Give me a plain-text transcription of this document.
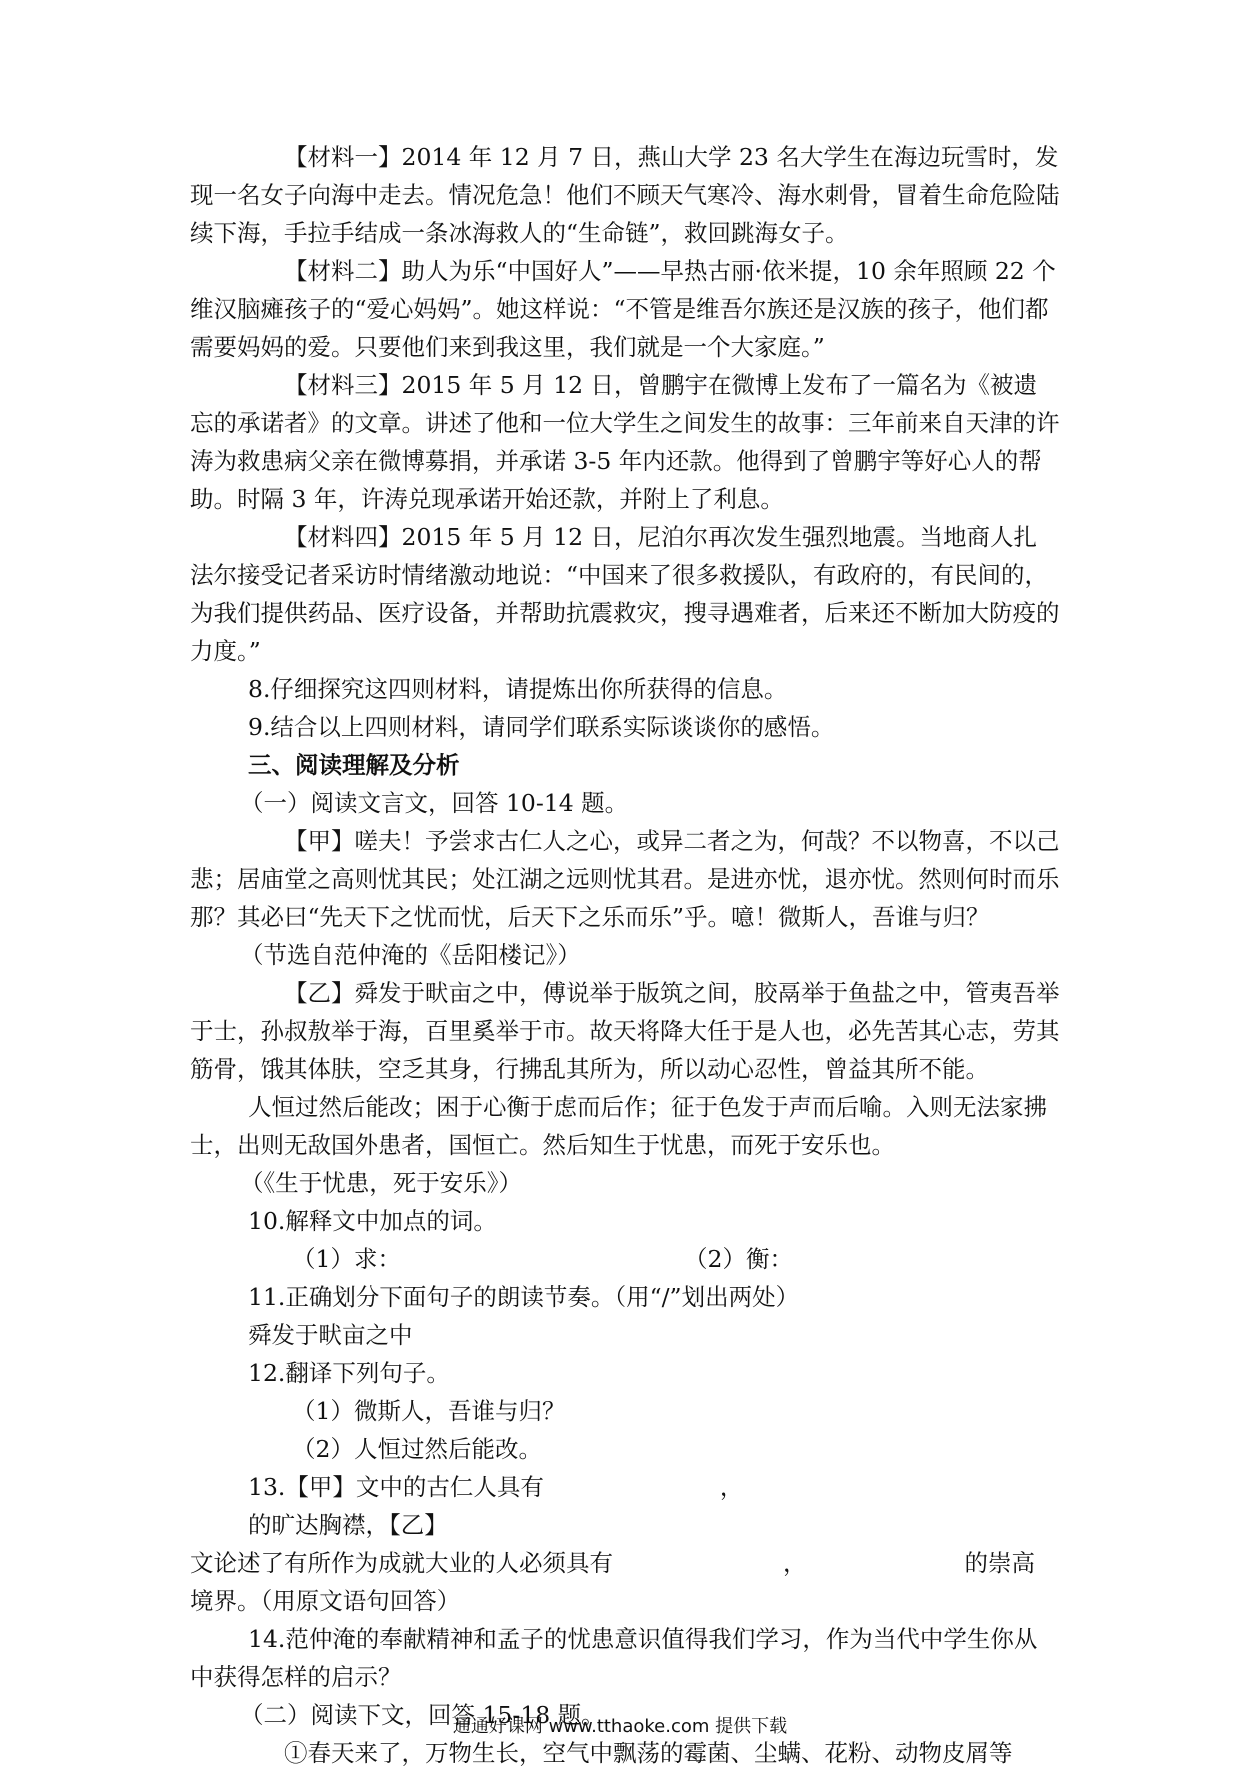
【材料一】2014 年 12 月 7 日，燕山大学 23 名大学生在海边玩雪时，发现一名女子向海中走去。情况危急！他们不顾天气寒冷、海水刺骨，冒着生命危险陆续下海，手拉手结成一条冰海救人的“生命链”，救回跳海女子。

【材料二】助人为乐“中国好人”——早热古丽·依米提，10 余年照顾 22 个维汉脑瘫孩子的“爱心妈妈”。她这样说：“不管是维吾尔族还是汉族的孩子，他们都需要妈妈的爱。只要他们来到我这里，我们就是一个大家庭。”

【材料三】2015 年 5 月 12 日，曾鹏宇在微博上发布了一篇名为《被遗忘的承诺者》的文章。讲述了他和一位大学生之间发生的故事：三年前来自天津的许涛为救患病父亲在微博募捐，并承诺 3-5 年内还款。他得到了曾鹏宇等好心人的帮助。时隔 3 年，许涛兑现承诺开始还款，并附上了利息。

【材料四】2015 年 5 月 12 日，尼泊尔再次发生强烈地震。当地商人扎法尔接受记者采访时情绪激动地说：“中国来了很多救援队，有政府的，有民间的，为我们提供药品、医疗设备，并帮助抗震救灾，搜寻遇难者，后来还不断加大防疫的力度。”

8.仔细探究这四则材料，请提炼出你所获得的信息。

9.结合以上四则材料，请同学们联系实际谈谈你的感悟。

三、阅读理解及分析

（一）阅读文言文，回答 10-14 题。

【甲】嗟夫！予尝求古仁人之心，或异二者之为，何哉？不以物喜，不以己悲；居庙堂之高则忧其民；处江湖之远则忧其君。是进亦忧，退亦忧。然则何时而乐那？其必曰“先天下之忧而忧，后天下之乐而乐”乎。噫！微斯人，吾谁与归？

（节选自范仲淹的《岳阳楼记》）

【乙】舜发于畎亩之中，傅说举于版筑之间，胶鬲举于鱼盐之中，管夷吾举于士，孙叔敖举于海，百里奚举于市。故天将降大任于是人也，必先苦其心志，劳其筋骨，饿其体肤，空乏其身，行拂乱其所为，所以动心忍性，曾益其所不能。

人恒过然后能改；困于心衡于虑而后作；征于色发于声而后喻。入则无法家拂士，出则无敌国外患者，国恒亡。然后知生于忧患，而死于安乐也。

（《生于忧患，死于安乐》）

10.解释文中加点的词。

（1）求：	（2）衡：

11.正确划分下面句子的朗读节奏。（用“/”划出两处）

舜发于畎亩之中

12.翻译下列句子。

（1）微斯人，吾谁与归？

（2）人恒过然后能改。

13.【甲】文中的古仁人具有	，的旷达胸襟，【乙】

文论述了有所作为成就大业的人必须具有	，	的崇高

境界。（用原文语句回答）

14.范仲淹的奉献精神和孟子的忧患意识值得我们学习，作为当代中学生你从中获得怎样的启示？

（二）阅读下文，回答 15-18 题。

①春天来了，万物生长，空气中飘荡的霉菌、尘螨、花粉、动物皮屑等

通通好课网 www.tthaoke.com 提供下载
